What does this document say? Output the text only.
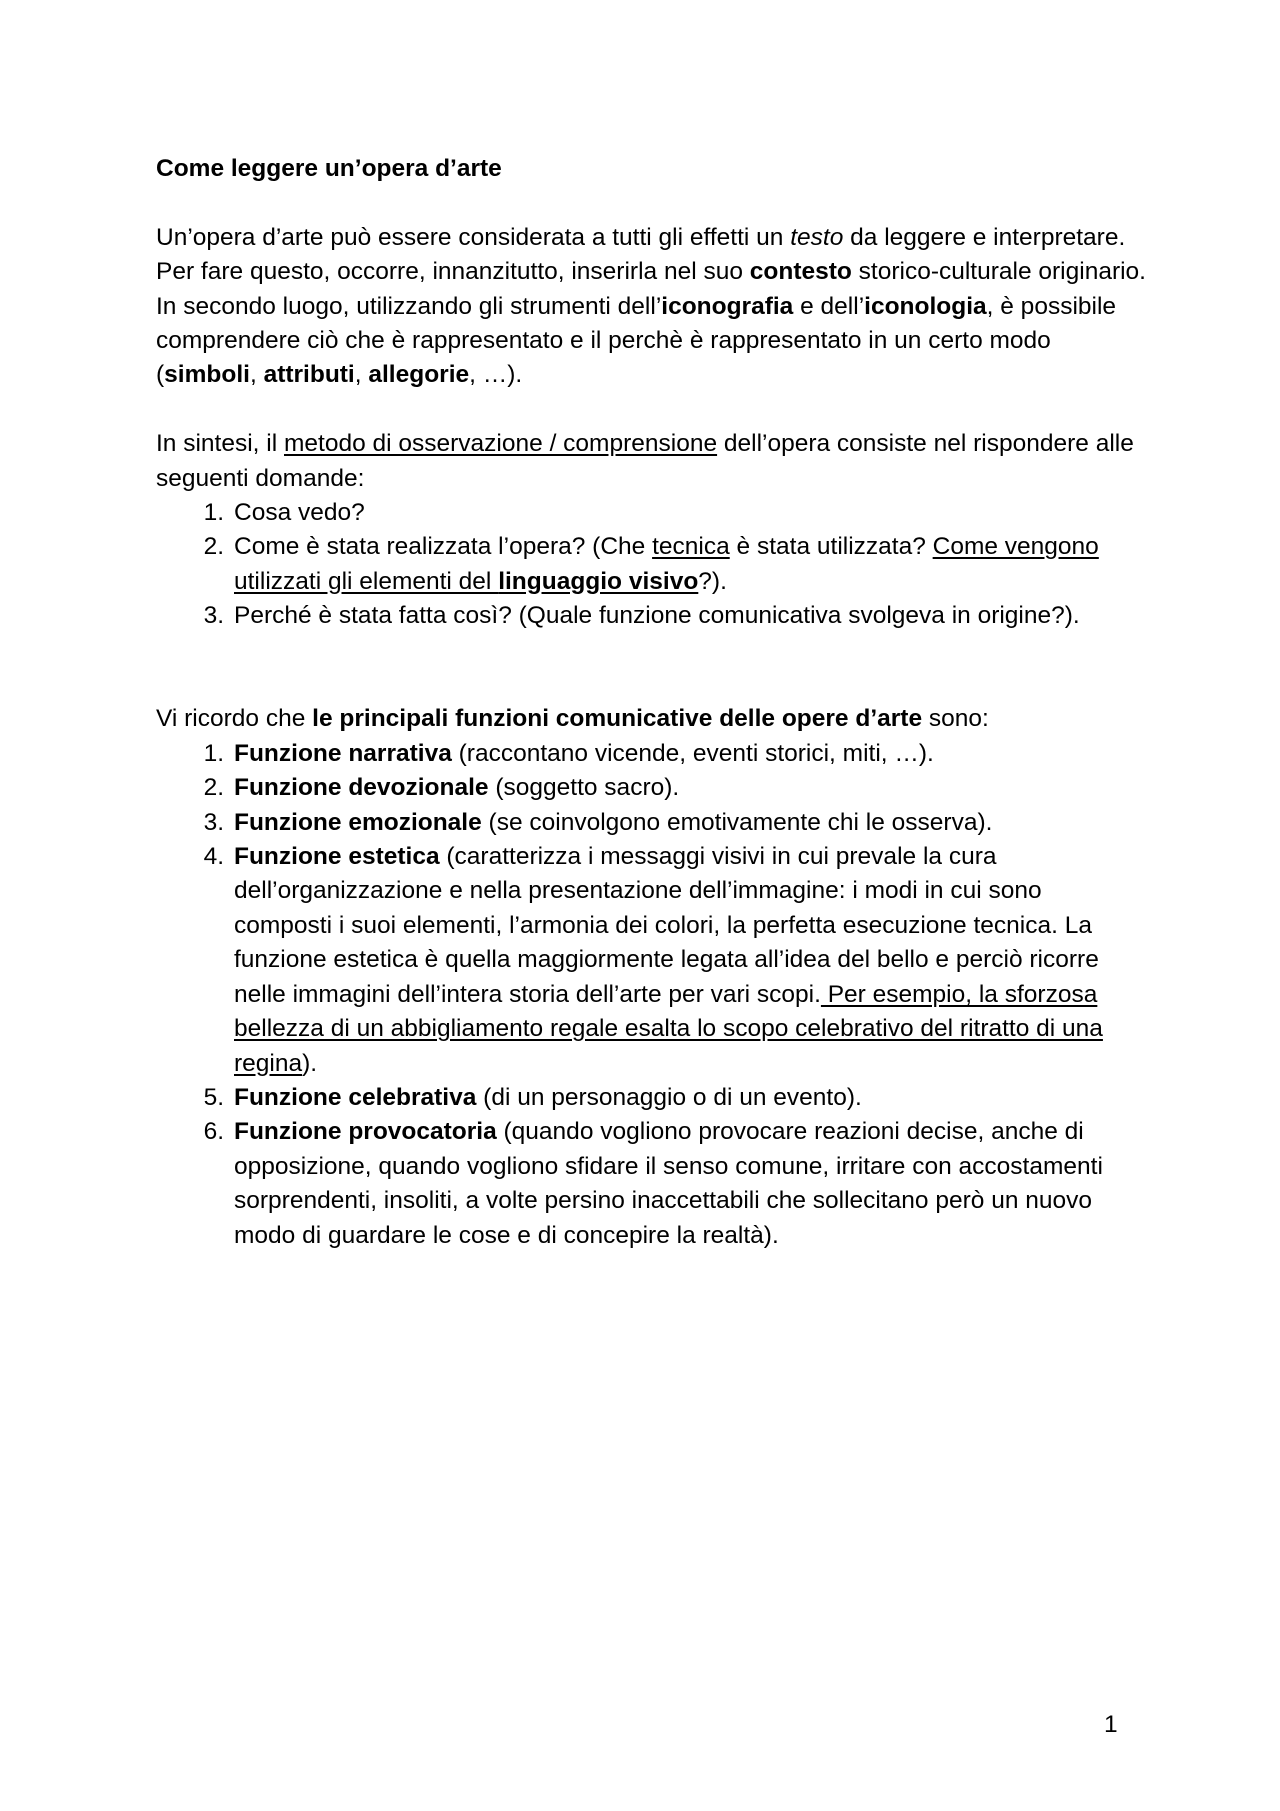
Come leggere un’opera d’arte

Un’opera d’arte può essere considerata a tutti gli effetti un testo da leggere e interpretare. Per fare questo, occorre, innanzitutto, inserirla nel suo contesto storico-culturale originario.

In secondo luogo, utilizzando gli strumenti dell’iconografia e dell’iconologia, è possibile comprendere ciò che è rappresentato e il perchè è rappresentato in un certo modo (simboli, attributi, allegorie, …).

In sintesi, il metodo di osservazione / comprensione dell’opera consiste nel rispondere alle seguenti domande:

1. Cosa vedo?
2. Come è stata realizzata l’opera? (Che tecnica è stata utilizzata? Come vengono utilizzati gli elementi del linguaggio visivo?).
3. Perché è stata fatta così? (Quale funzione comunicativa svolgeva in origine?).

Vi ricordo che le principali funzioni comunicative delle opere d’arte sono:

1. Funzione narrativa (raccontano vicende, eventi storici, miti, …).
2. Funzione devozionale (soggetto sacro).
3. Funzione emozionale (se coinvolgono emotivamente chi le osserva).
4. Funzione estetica (caratterizza i messaggi visivi in cui prevale la cura dell’organizzazione e nella presentazione dell’immagine: i modi in cui sono composti i suoi elementi, l’armonia dei colori, la perfetta esecuzione tecnica. La funzione estetica è quella maggiormente legata all’idea del bello e perciò ricorre nelle immagini dell’intera storia dell’arte per vari scopi. Per esempio, la sforzosa bellezza di un abbigliamento regale esalta lo scopo celebrativo del ritratto di una regina).
5. Funzione celebrativa (di un personaggio o di un evento).
6. Funzione provocatoria (quando vogliono provocare reazioni decise, anche di opposizione, quando vogliono sfidare il senso comune, irritare con accostamenti sorprendenti, insoliti, a volte persino inaccettabili che sollecitano però un nuovo modo di guardare le cose e di concepire la realtà).
1
